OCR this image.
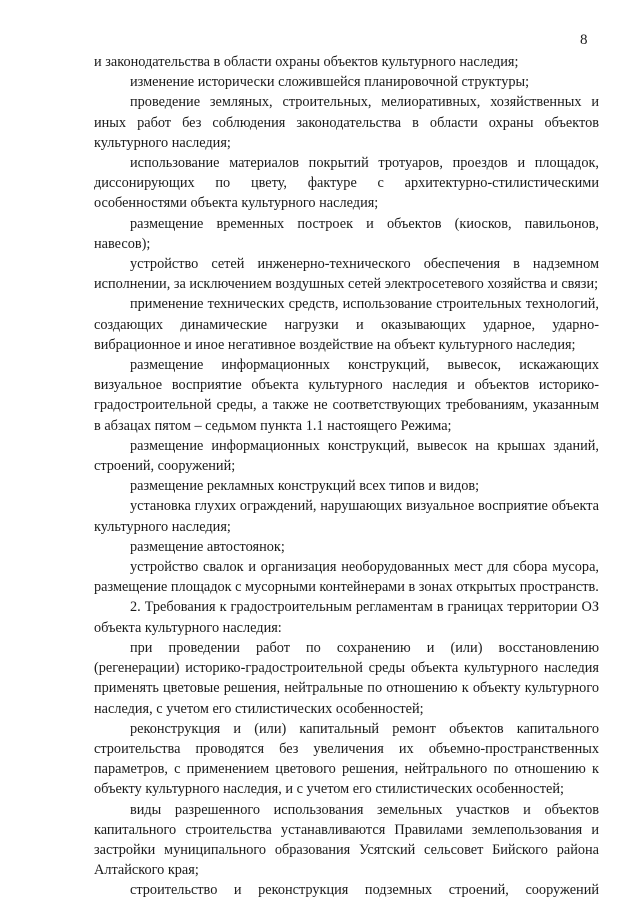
8

и законодательства в области охраны объектов культурного наследия;

изменение исторически сложившейся планировочной структуры;

проведение земляных, строительных, мелиоративных, хозяйственных и иных работ без соблюдения законодательства в области охраны объектов культурного наследия;

использование материалов покрытий тротуаров, проездов и площадок, диссонирующих по цвету, фактуре с архитектурно-стилистическими особенностями объекта культурного наследия;

размещение временных построек и объектов (киосков, павильонов, навесов);

устройство сетей инженерно-технического обеспечения в надземном исполнении, за исключением воздушных сетей электросетевого хозяйства и связи;

применение технических средств, использование строительных технологий, создающих динамические нагрузки и оказывающих ударное, ударно-вибрационное и иное негативное воздействие на объект культурного наследия;

размещение информационных конструкций, вывесок, искажающих визуальное восприятие объекта культурного наследия и объектов историко-градостроительной среды, а также не соответствующих требованиям, указанным в абзацах пятом – седьмом пункта 1.1 настоящего Режима;

размещение информационных конструкций, вывесок на крышах зданий, строений, сооружений;

размещение рекламных конструкций всех типов и видов;

установка глухих ограждений, нарушающих визуальное восприятие объекта культурного наследия;

размещение автостоянок;

устройство свалок и организация необорудованных мест для сбора мусора, размещение площадок с мусорными контейнерами в зонах открытых пространств.

2. Требования к градостроительным регламентам в границах территории ОЗ объекта культурного наследия:

при проведении работ по сохранению и (или) восстановлению (регенерации) историко-градостроительной среды объекта культурного наследия применять цветовые решения, нейтральные по отношению к объекту культурного наследия, с учетом его стилистических особенностей;

реконструкция и (или) капитальный ремонт объектов капитального строительства проводятся без увеличения их объемно-пространственных параметров, с применением цветового решения, нейтрального по отношению к объекту культурного наследия, и с учетом его стилистических особенностей;

виды разрешенного использования земельных участков и объектов капитального строительства устанавливаются Правилами землепользования и застройки муниципального образования Усятский сельсовет Бийского района Алтайского края;

строительство и реконструкция подземных строений, сооружений
